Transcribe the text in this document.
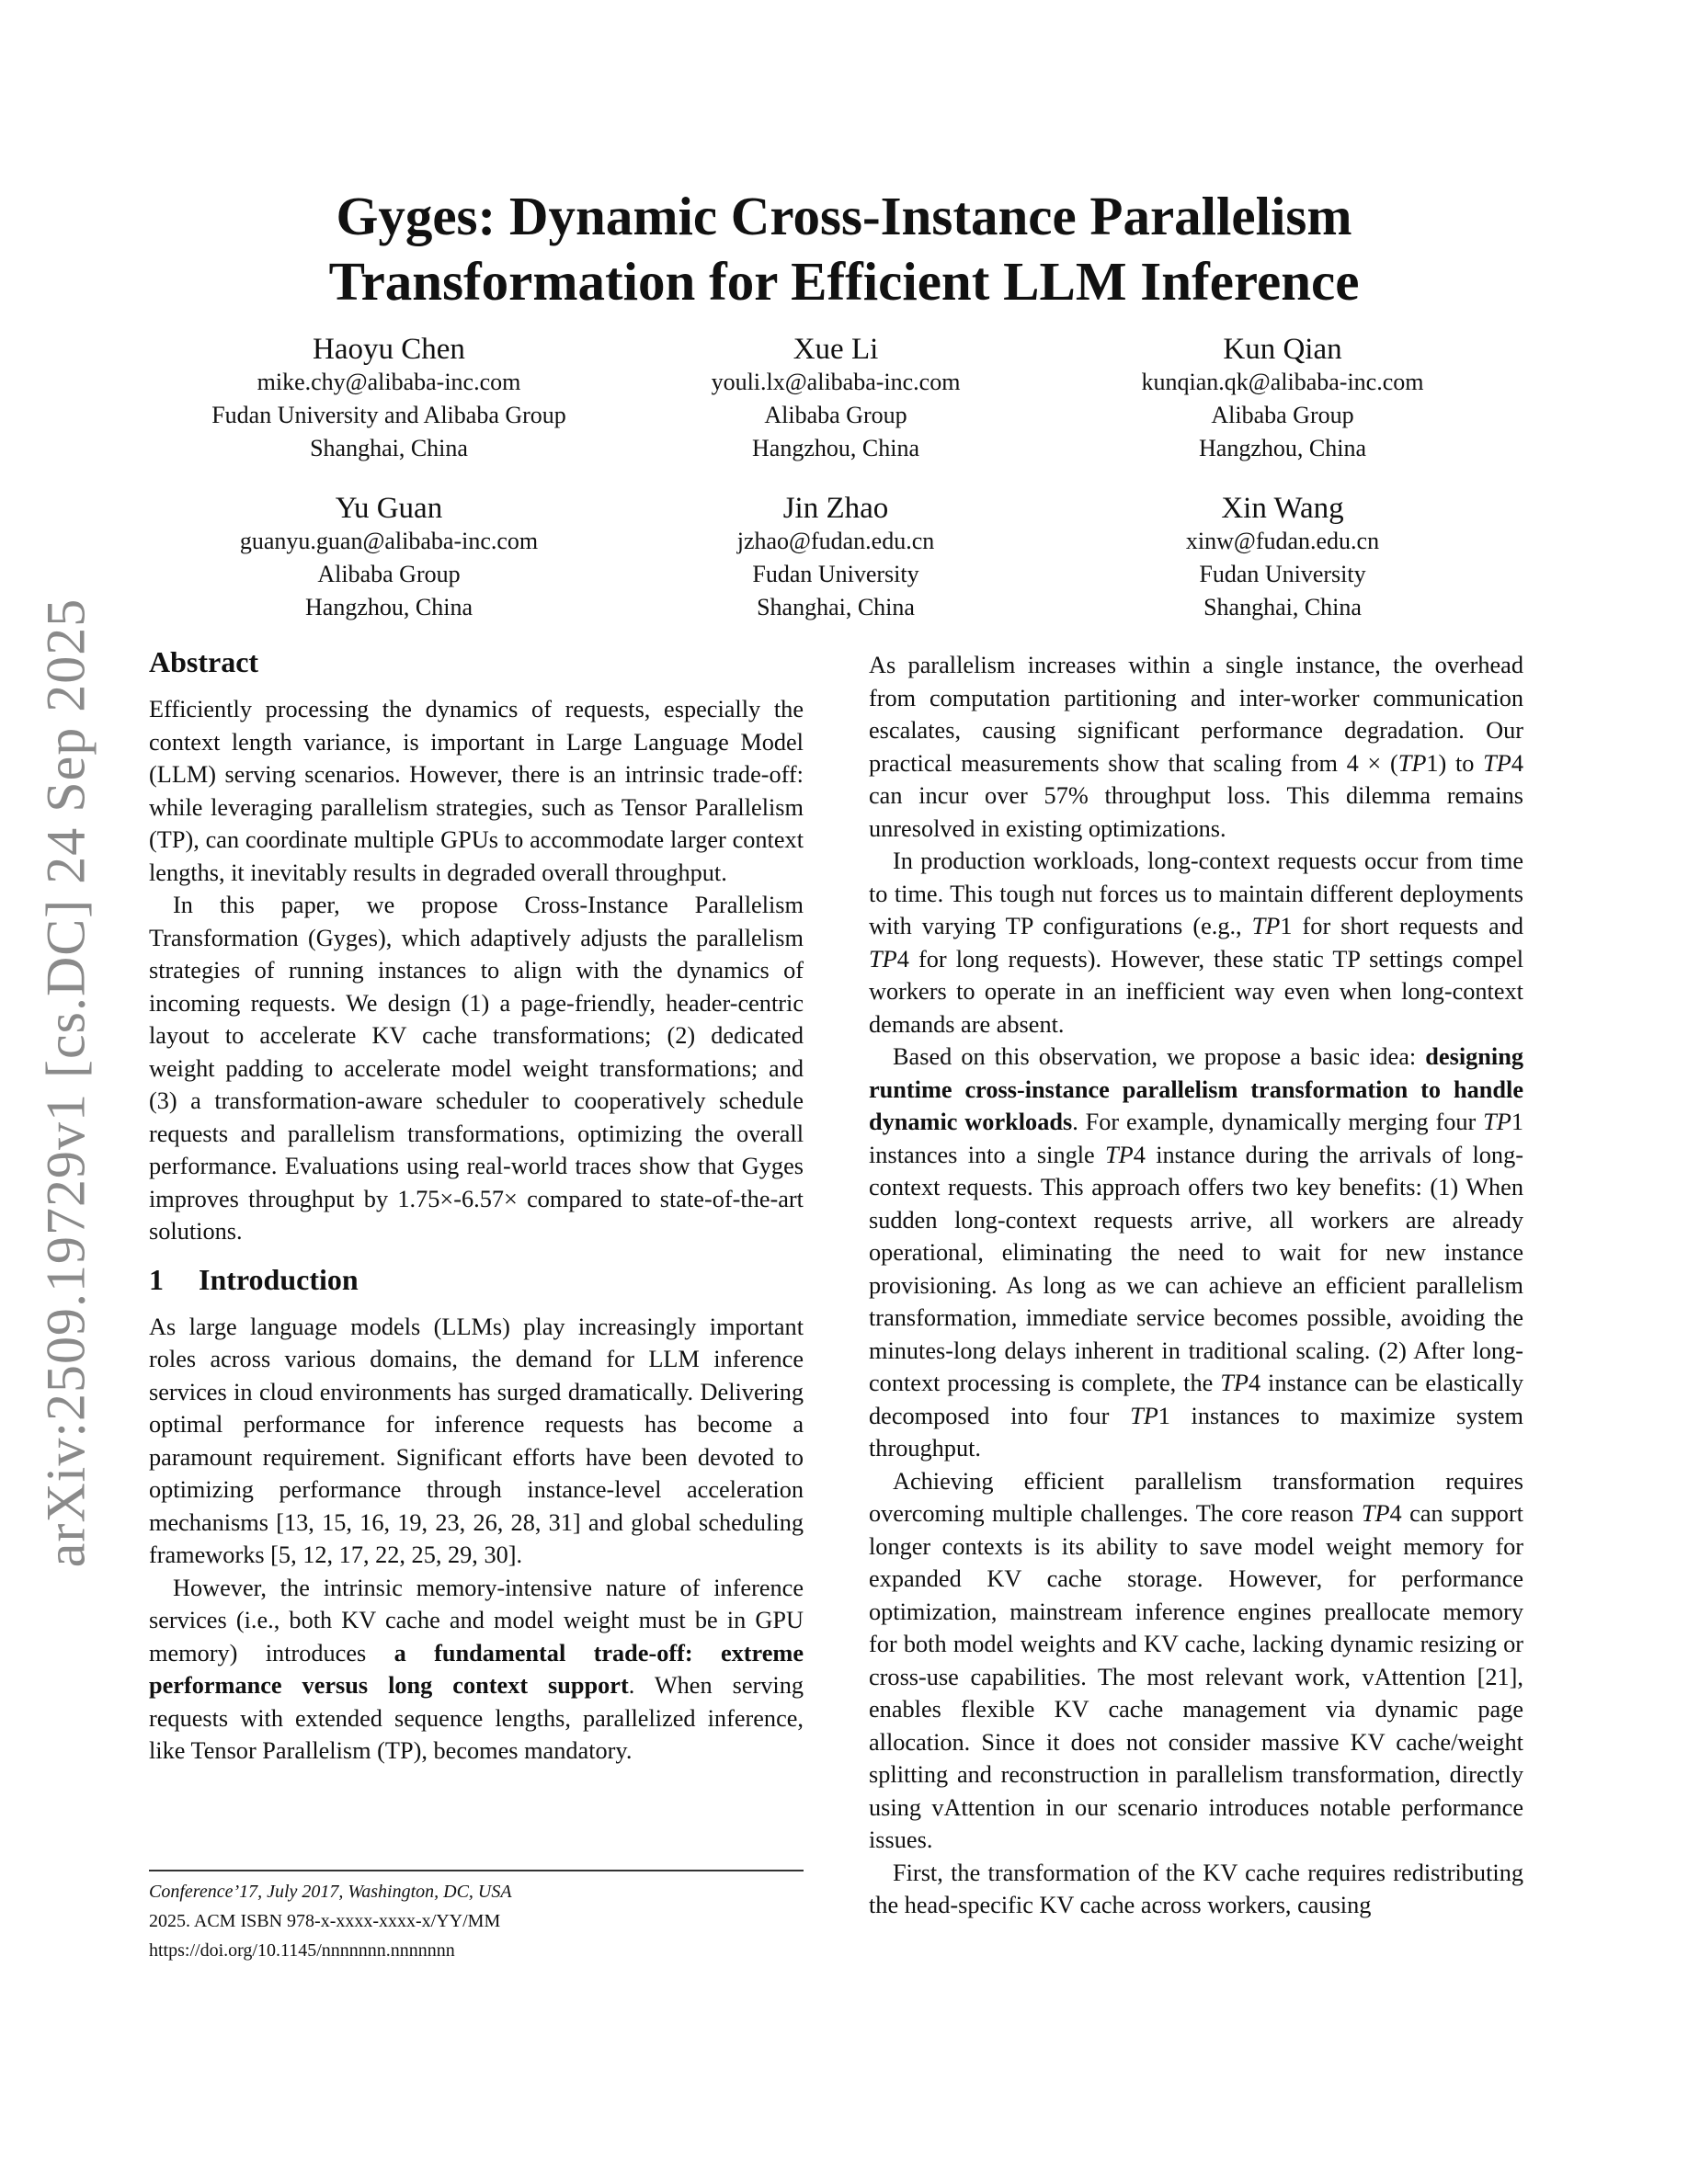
arXiv:2509.19729v1 [cs.DC] 24 Sep 2025
Gyges: Dynamic Cross-Instance Parallelism
Transformation for Efficient LLM Inference
Haoyu Chen
mike.chy@alibaba-inc.com
Fudan University and Alibaba Group
Shanghai, China
Xue Li
youli.lx@alibaba-inc.com
Alibaba Group
Hangzhou, China
Kun Qian
kunqian.qk@alibaba-inc.com
Alibaba Group
Hangzhou, China
Yu Guan
guanyu.guan@alibaba-inc.com
Alibaba Group
Hangzhou, China
Jin Zhao
jzhao@fudan.edu.cn
Fudan University
Shanghai, China
Xin Wang
xinw@fudan.edu.cn
Fudan University
Shanghai, China
Abstract

Efficiently processing the dynamics of requests, especially the context length variance, is important in Large Language Model (LLM) serving scenarios. However, there is an intrinsic trade-off: while leveraging parallelism strategies, such as Tensor Parallelism (TP), can coordinate multiple GPUs to accommodate larger context lengths, it inevitably results in degraded overall throughput.

In this paper, we propose Cross-Instance Parallelism Transformation (Gyges), which adaptively adjusts the parallelism strategies of running instances to align with the dynamics of incoming requests. We design (1) a page-friendly, header-centric layout to accelerate KV cache transformations; (2) dedicated weight padding to accelerate model weight transformations; and (3) a transformation-aware scheduler to cooperatively schedule requests and parallelism transformations, optimizing the overall performance. Evaluations using real-world traces show that Gyges improves throughput by 1.75×-6.57× compared to state-of-the-art solutions.

1 Introduction

As large language models (LLMs) play increasingly important roles across various domains, the demand for LLM inference services in cloud environments has surged dramatically. Delivering optimal performance for inference requests has become a paramount requirement. Significant efforts have been devoted to optimizing performance through instance-level acceleration mechanisms [13, 15, 16, 19, 23, 26, 28, 31] and global scheduling frameworks [5, 12, 17, 22, 25, 29, 30].

However, the intrinsic memory-intensive nature of inference services (i.e., both KV cache and model weight must be in GPU memory) introduces a fundamental trade-off: extreme performance versus long context support. When serving requests with extended sequence lengths, parallelized inference, like Tensor Parallelism (TP), becomes mandatory.

As parallelism increases within a single instance, the overhead from computation partitioning and inter-worker communication escalates, causing significant performance degradation. Our practical measurements show that scaling from 4 × (TP1) to TP4 can incur over 57% throughput loss. This dilemma remains unresolved in existing optimizations.

In production workloads, long-context requests occur from time to time. This tough nut forces us to maintain different deployments with varying TP configurations (e.g., TP1 for short requests and TP4 for long requests). However, these static TP settings compel workers to operate in an inefficient way even when long-context demands are absent.

Based on this observation, we propose a basic idea: designing runtime cross-instance parallelism transformation to handle dynamic workloads. For example, dynamically merging four TP1 instances into a single TP4 instance during the arrivals of long-context requests. This approach offers two key benefits: (1) When sudden long-context requests arrive, all workers are already operational, eliminating the need to wait for new instance provisioning. As long as we can achieve an efficient parallelism transformation, immediate service becomes possible, avoiding the minutes-long delays inherent in traditional scaling. (2) After long-context processing is complete, the TP4 instance can be elastically decomposed into four TP1 instances to maximize system throughput.

Achieving efficient parallelism transformation requires overcoming multiple challenges. The core reason TP4 can support longer contexts is its ability to save model weight memory for expanded KV cache storage. However, for performance optimization, mainstream inference engines preallocate memory for both model weights and KV cache, lacking dynamic resizing or cross-use capabilities. The most relevant work, vAttention [21], enables flexible KV cache management via dynamic page allocation. Since it does not consider massive KV cache/weight splitting and reconstruction in parallelism transformation, directly using vAttention in our scenario introduces notable performance issues.

First, the transformation of the KV cache requires redistributing the head-specific KV cache across workers, causing

Conference’17, July 2017, Washington, DC, USA
2025. ACM ISBN 978-x-xxxx-xxxx-x/YY/MM
https://doi.org/10.1145/nnnnnnn.nnnnnnn
